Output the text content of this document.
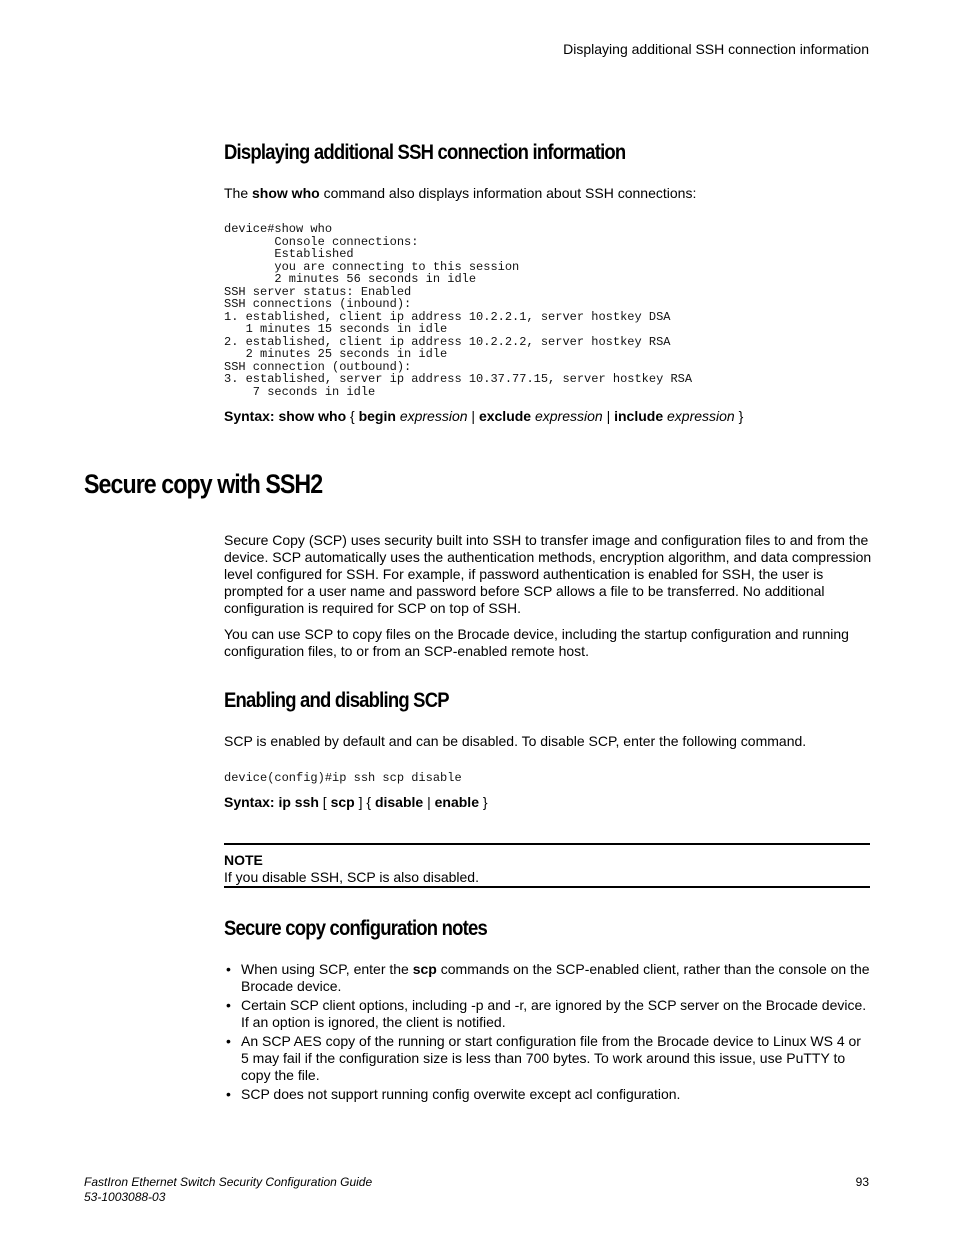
Displaying additional SSH connection information
Displaying additional SSH connection information

The show who command also displays information about SSH connections:

device#show who
Console connections:
Established
you are connecting to this session
2 minutes 56 seconds in idle
SSH server status: Enabled
SSH connections (inbound):
1. established, client ip address 10.2.2.1, server hostkey DSA
1 minutes 15 seconds in idle
2. established, client ip address 10.2.2.2, server hostkey RSA
2 minutes 25 seconds in idle
SSH connection (outbound):
3. established, server ip address 10.37.77.15, server hostkey RSA
7 seconds in idle

Syntax: show who { begin expression | exclude expression | include expression }

Secure copy with SSH2

Secure Copy (SCP) uses security built into SSH to transfer image and configuration files to and from the device. SCP automatically uses the authentication methods, encryption algorithm, and data compression level configured for SSH. For example, if password authentication is enabled for SSH, the user is prompted for a user name and password before SCP allows a file to be transferred. No additional configuration is required for SCP on top of SSH.

You can use SCP to copy files on the Brocade device, including the startup configuration and running configuration files, to or from an SCP-enabled remote host.

Enabling and disabling SCP

SCP is enabled by default and can be disabled. To disable SCP, enter the following command.

device(config)#ip ssh scp disable

Syntax: ip ssh [ scp ] { disable | enable }

NOTE

If you disable SSH, SCP is also disabled.

Secure copy configuration notes
• When using SCP, enter the scp commands on the SCP-enabled client, rather than the console on the Brocade device.
• Certain SCP client options, including -p and -r, are ignored by the SCP server on the Brocade device. If an option is ignored, the client is notified.
• An SCP AES copy of the running or start configuration file from the Brocade device to Linux WS 4 or 5 may fail if the configuration size is less than 700 bytes. To work around this issue, use PuTTY to copy the file.
• SCP does not support running config overwite except acl configuration.
FastIron Ethernet Switch Security Configuration Guide
53-1003088-03
93
